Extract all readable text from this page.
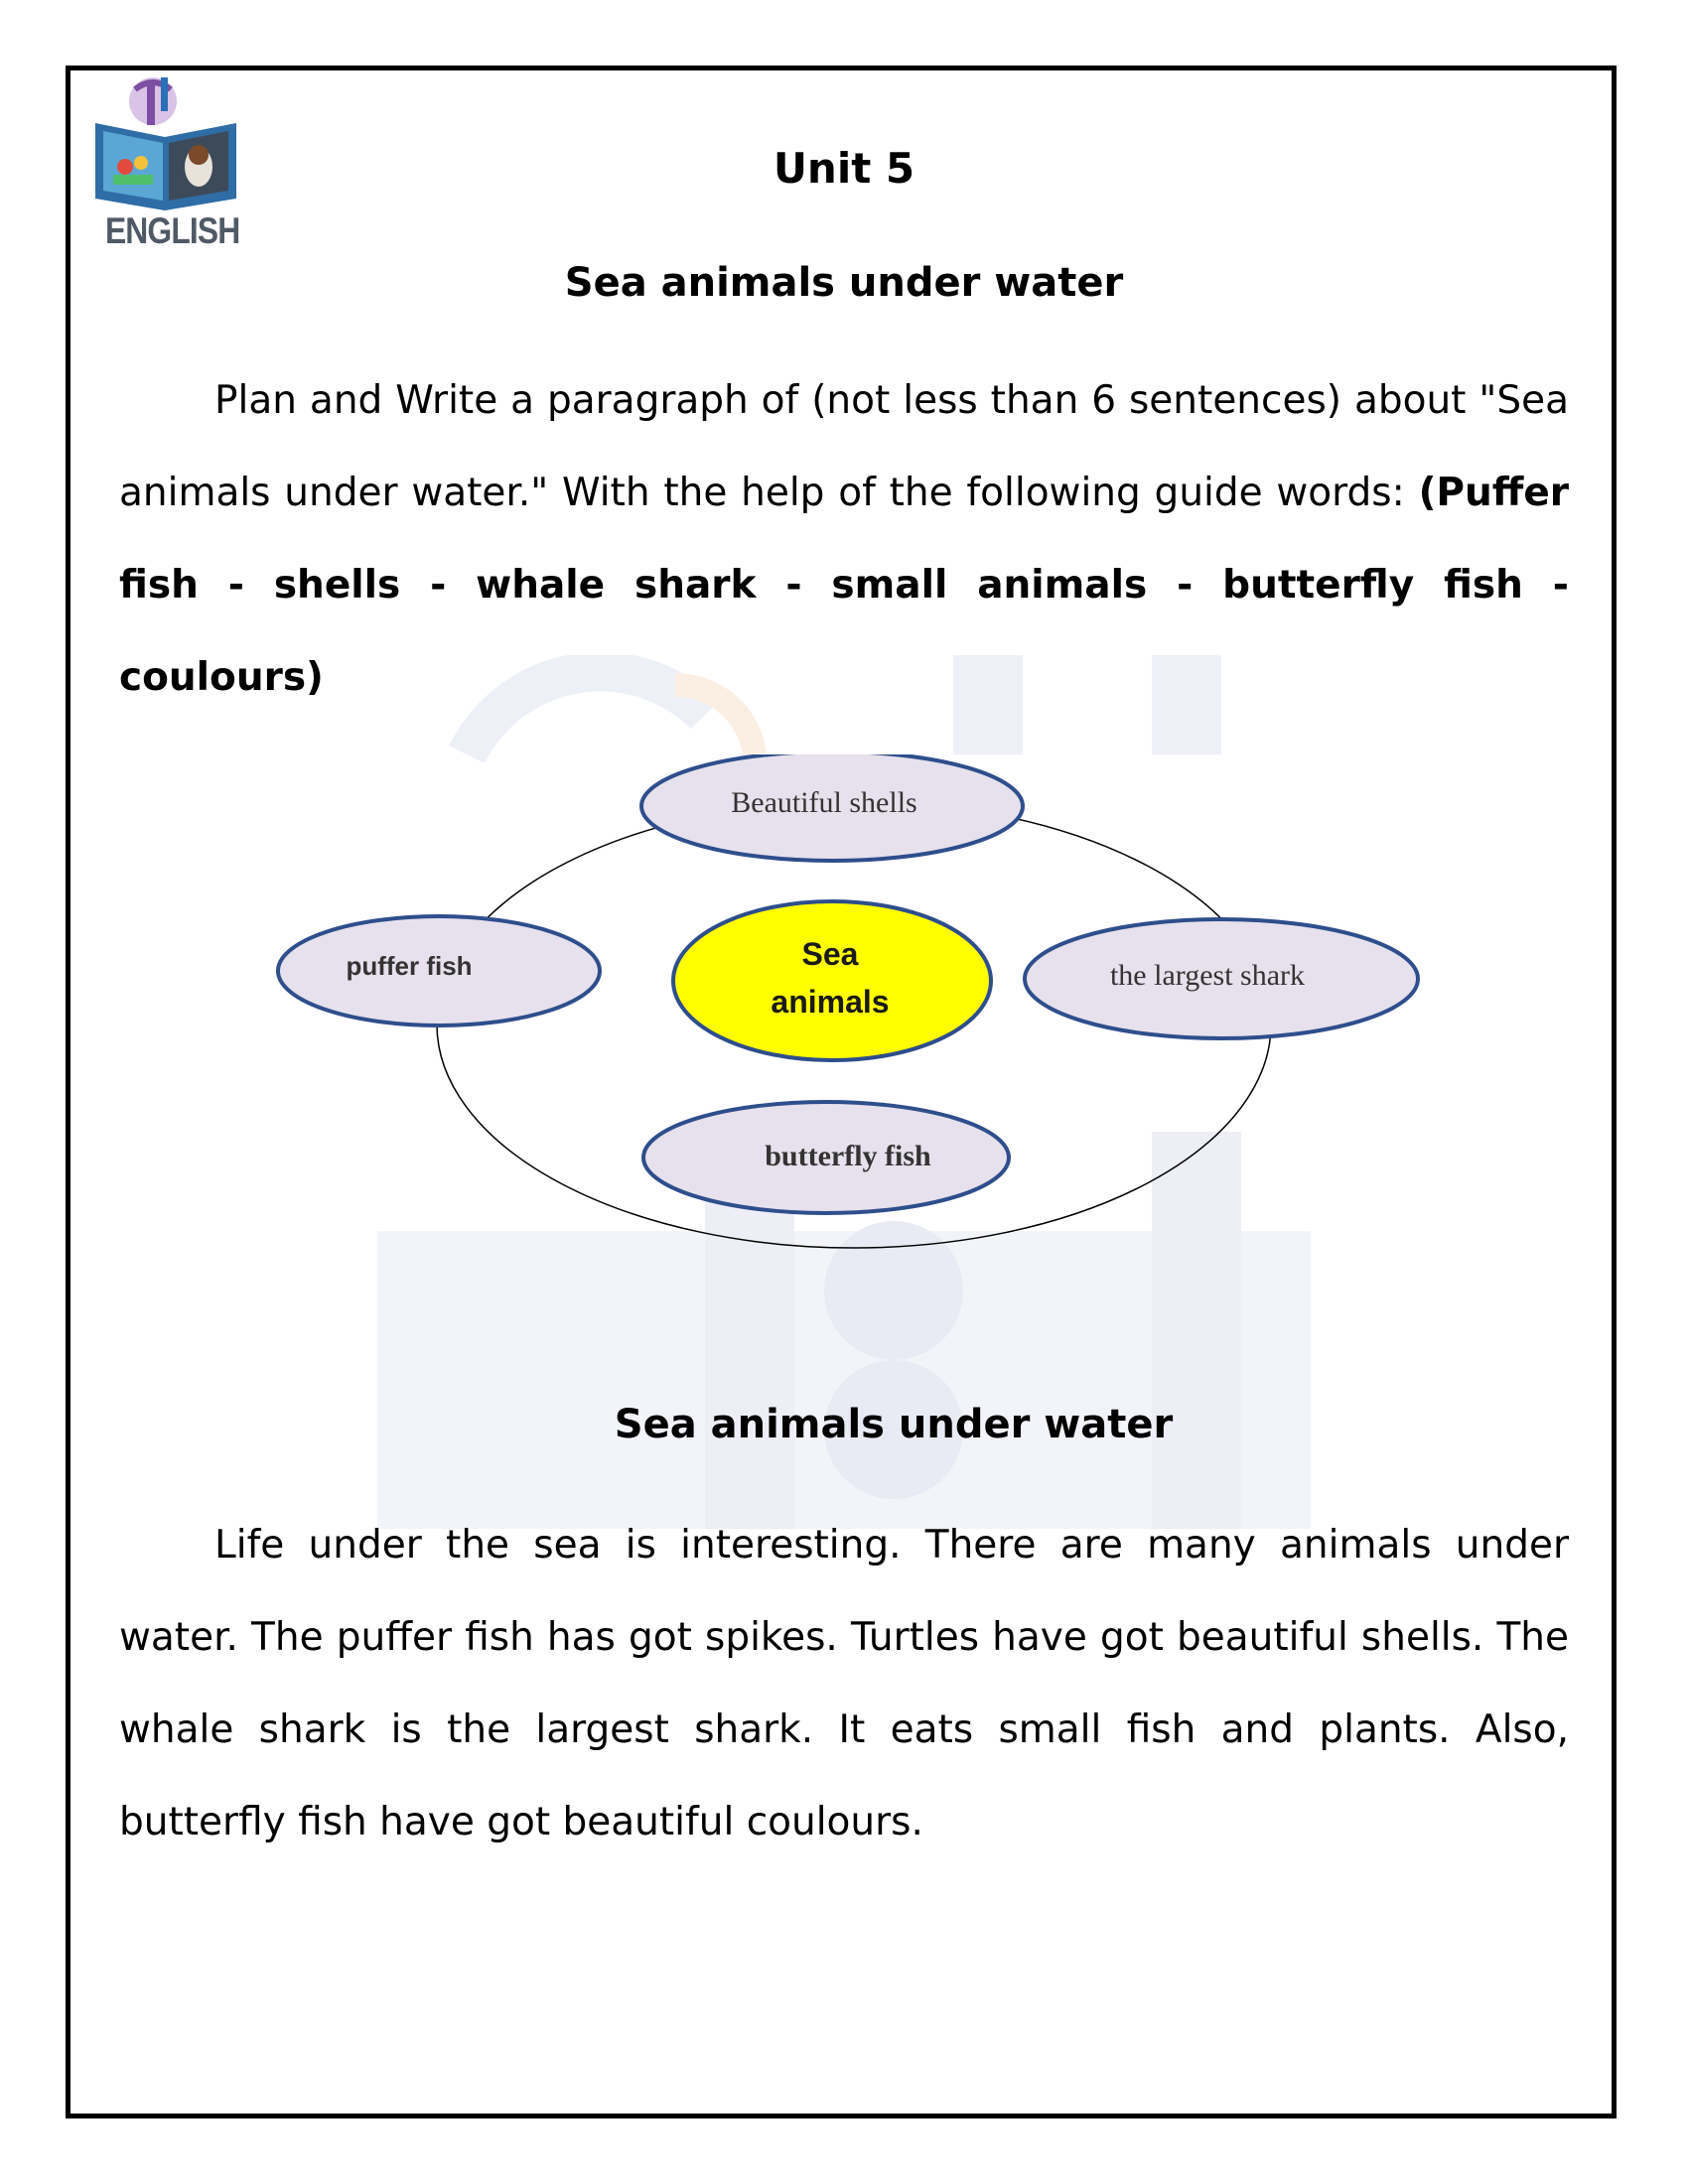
ENGLISH
Unit 5
Sea animals under water

Plan and Write a paragraph of (not less than 6 sentences) about "Sea animals under water." With the help of the following guide words: (Puffer fish - shells - whale shark - small animals - butterfly fish - coulours)

Sea
animals
Beautiful shells
puffer fish	the largest shark
butterfly fish
Sea animals under water

Life under the sea is interesting. There are many animals under water. The puffer fish has got spikes. Turtles have got beautiful shells. The whale shark is the largest shark. It eats small fish and plants. Also, butterfly fish have got beautiful coulours.
